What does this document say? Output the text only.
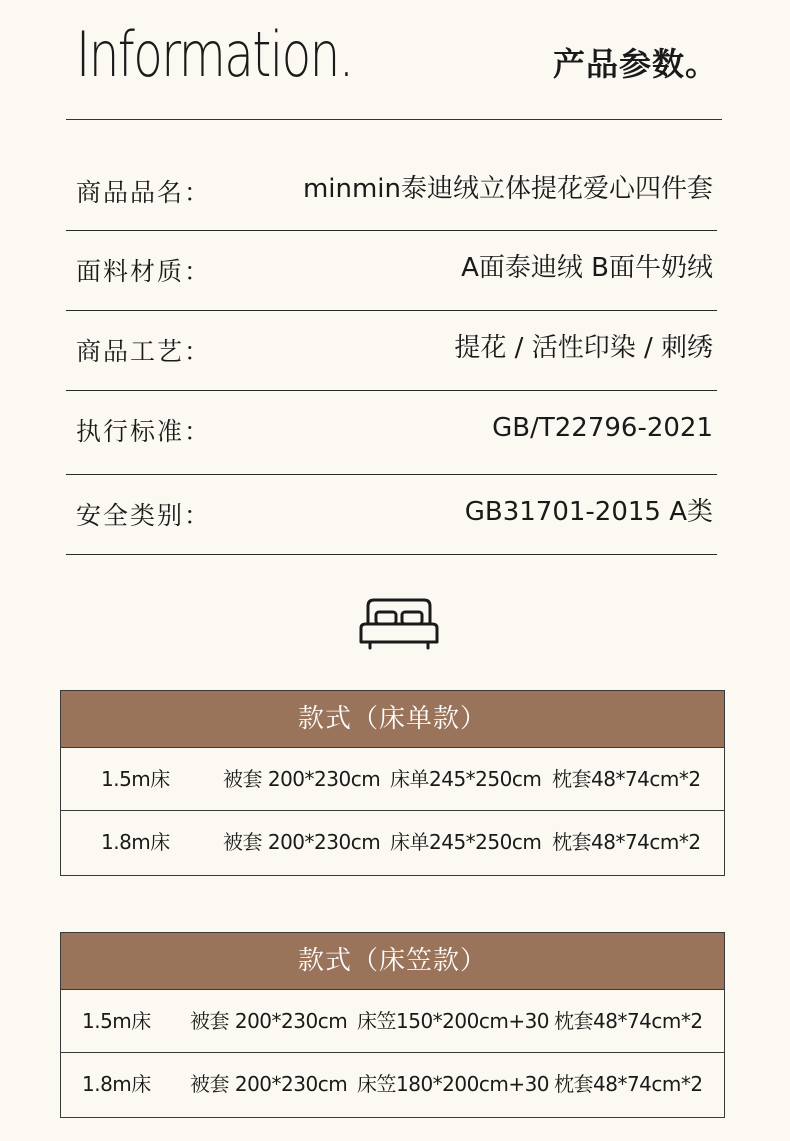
Information.	产品参数。
商品品名：	minmin泰迪绒立体提花爱心四件套
面料材质：	A面泰迪绒 B面牛奶绒
商品工艺：	提花 / 活性印染 / 刺绣
执行标准：	GB/T22796-2021
安全类别：	GB31701-2015 A类
款式（床单款）
1.5m床	被套 200*230cm 床单245*250cm 枕套48*74cm*2
1.8m床	被套 200*230cm 床单245*250cm 枕套48*74cm*2
款式（床笠款）
1.5m床 被套 200*230cm 床笠150*200cm+30 枕套48*74cm*2
1.8m床 被套 200*230cm 床笠180*200cm+30 枕套48*74cm*2
